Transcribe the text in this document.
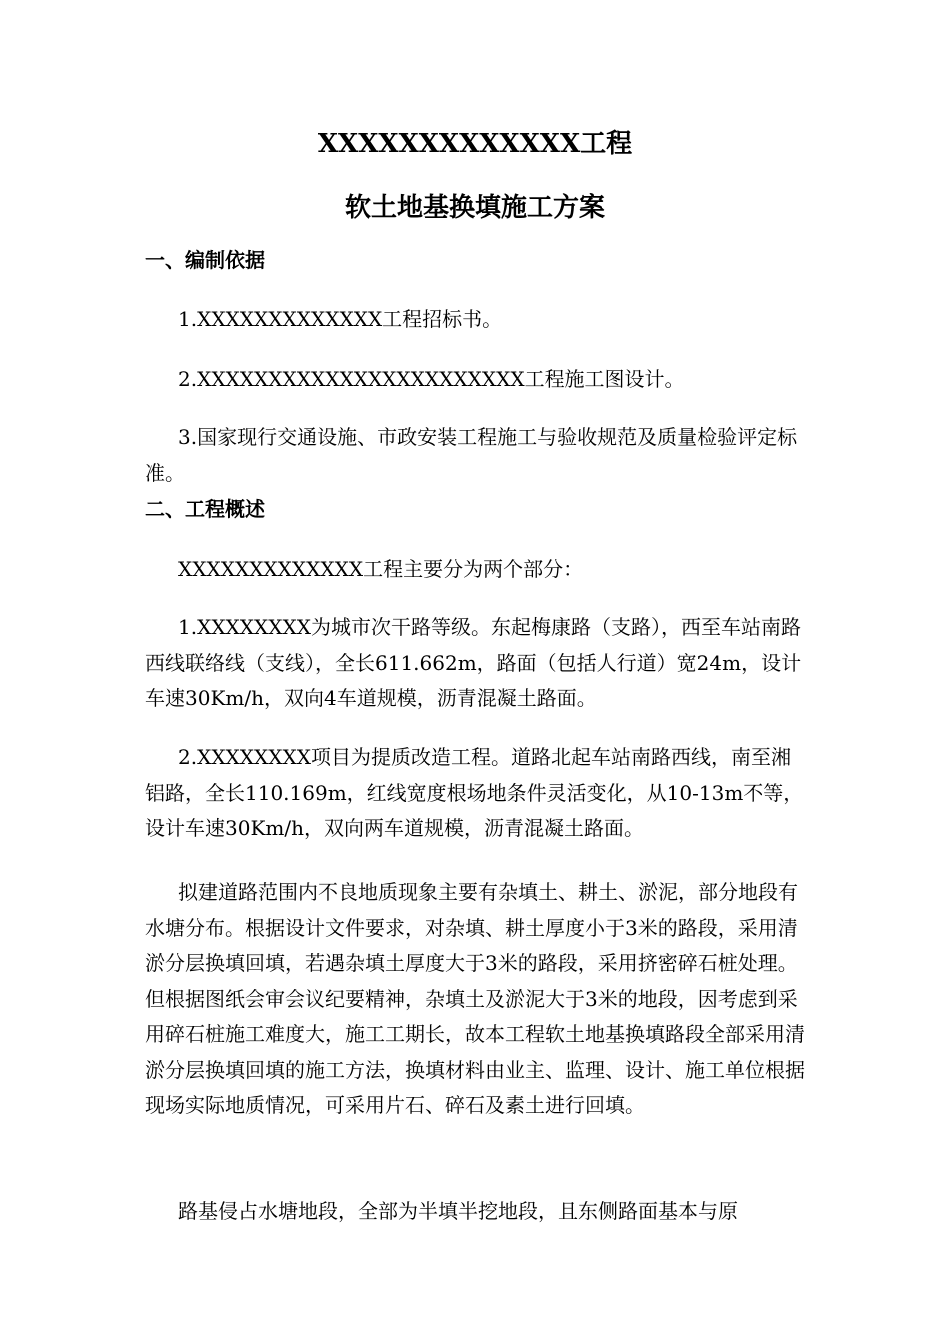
XXXXXXXXXXXXX工程
软土地基换填施工方案
一、编制依据
1.XXXXXXXXXXXXX工程招标书。
2.XXXXXXXXXXXXXXXXXXXXXXX工程施工图设计。
3.国家现行交通设施、市政安装工程施工与验收规范及质量检验评定标准。
二、工程概述
XXXXXXXXXXXXX工程主要分为两个部分：
1.XXXXXXXX为城市次干路等级。东起梅康路（支路），西至车站南路西线联络线（支线），全长611.662m，路面（包括人行道）宽24m，设计车速30Km/h，双向4车道规模，沥青混凝土路面。
2.XXXXXXXX项目为提质改造工程。道路北起车站南路西线，南至湘铝路，全长110.169m，红线宽度根场地条件灵活变化，从10-13m不等，设计车速30Km/h，双向两车道规模，沥青混凝土路面。
拟建道路范围内不良地质现象主要有杂填土、耕土、淤泥，部分地段有水塘分布。根据设计文件要求，对杂填、耕土厚度小于3米的路段，采用清淤分层换填回填，若遇杂填土厚度大于3米的路段，采用挤密碎石桩处理。但根据图纸会审会议纪要精神，杂填土及淤泥大于3米的地段，因考虑到采用碎石桩施工难度大，施工工期长，故本工程软土地基换填路段全部采用清淤分层换填回填的施工方法，换填材料由业主、监理、设计、施工单位根据现场实际地质情况，可采用片石、碎石及素土进行回填。
路基侵占水塘地段，全部为半填半挖地段，且东侧路面基本与原
